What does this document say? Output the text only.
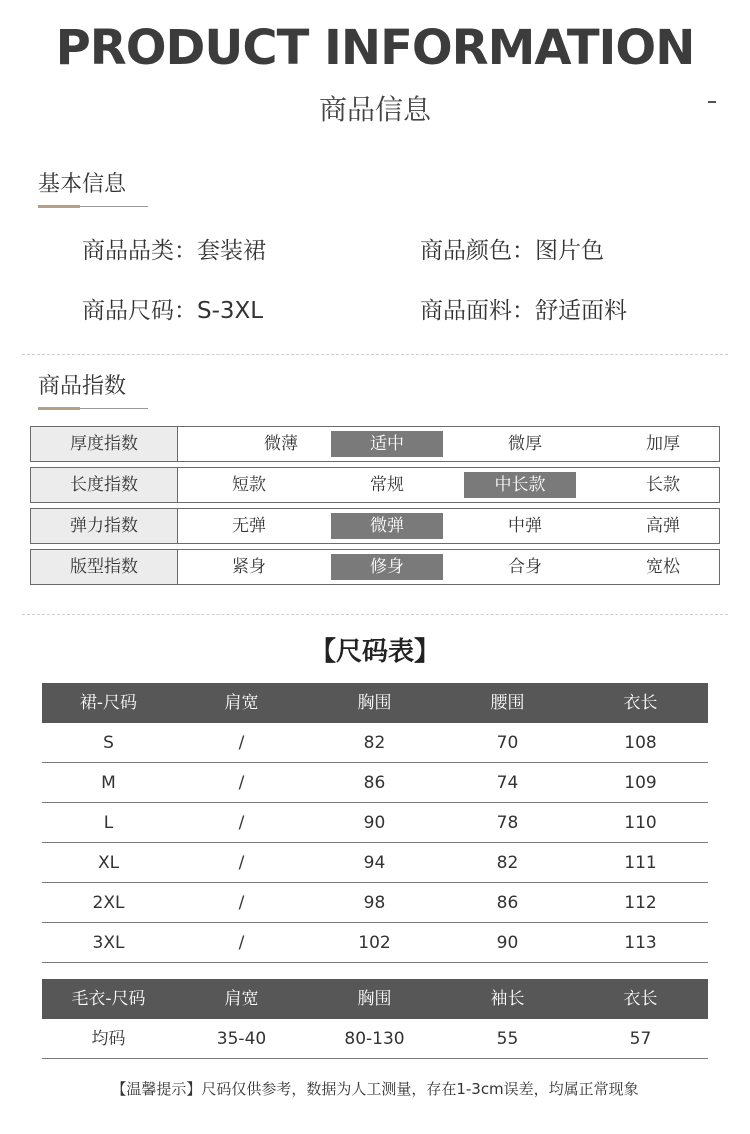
PRODUCT INFORMATION
商品信息
基本信息
商品品类：套装裙	商品颜色：图片色
商品尺码：S-3XL	商品面料：舒适面料
商品指数
厚度指数	微薄	适中	微厚	加厚
长度指数	短款	常规	中长款	长款
弹力指数	无弹	微弹	中弹	高弹
版型指数	紧身	修身	合身	宽松
【尺码表】
裙-尺码	肩宽	胸围	腰围	衣长
S	/	82	70	108
M	/	86	74	109
L	/	90	78	110
XL	/	94	82	111
2XL	/	98	86	112
3XL	/	102	90	113
毛衣-尺码	肩宽	胸围	袖长	衣长
均码	35-40	80-130	55	57
【温馨提示】尺码仅供参考，数据为人工测量，存在1-3cm误差，均属正常现象
